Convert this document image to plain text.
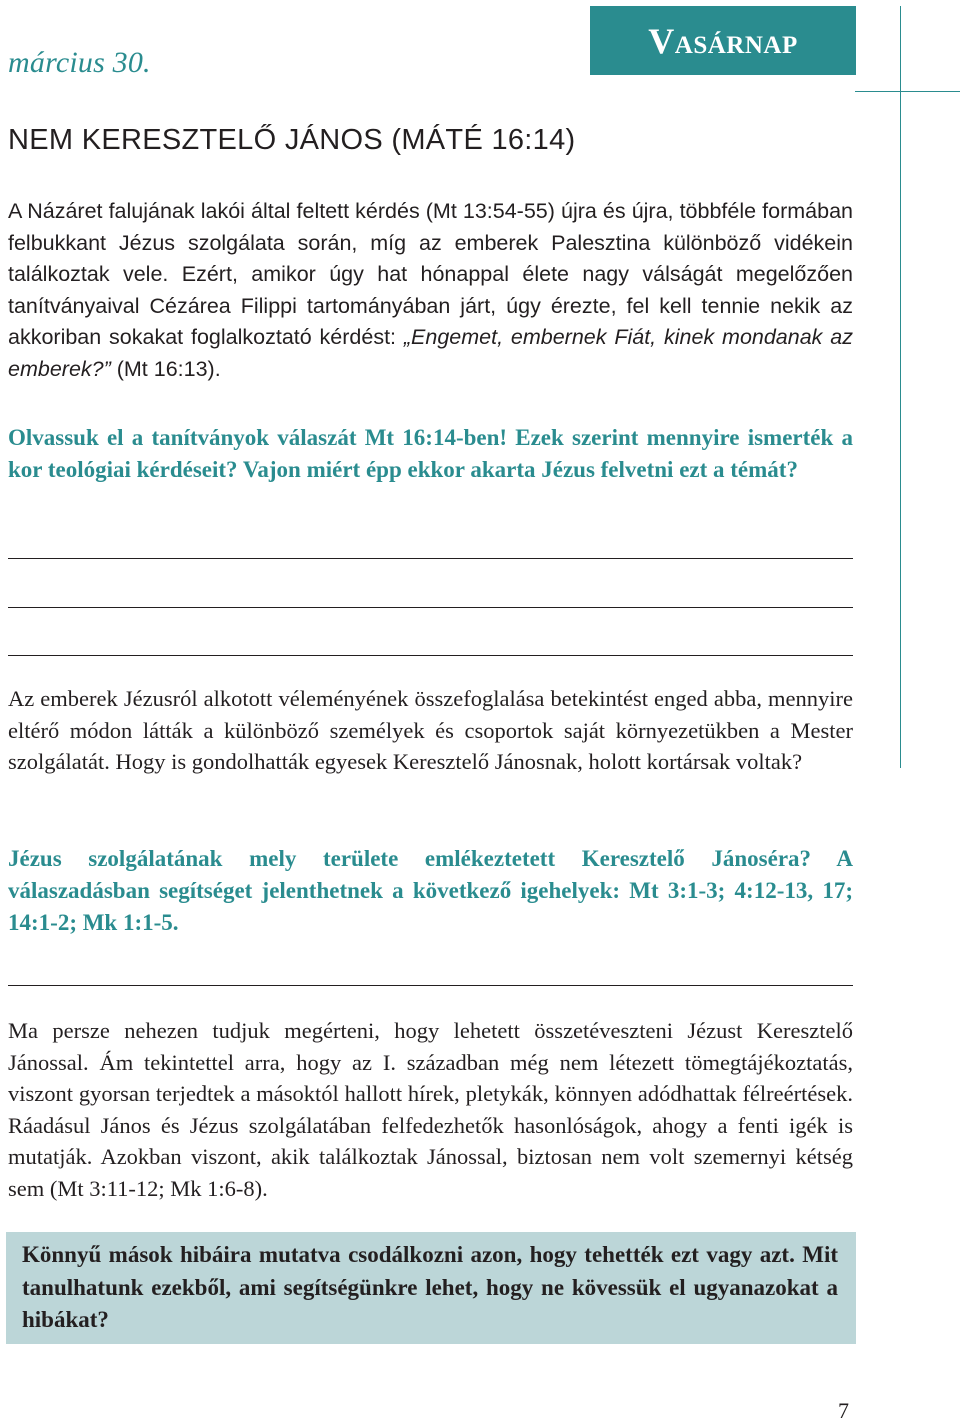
március 30.
Vasárnap
NEM KERESZTELŐ JÁNOS (MÁTÉ 16:14)

A Názáret falujának lakói által feltett kérdés (Mt 13:54-55) újra és újra, többféle formában felbukkant Jézus szolgálata során, míg az emberek Palesztina különböző vidékein találkoztak vele. Ezért, amikor úgy hat hónappal élete nagy válságát megelőzően tanítványaival Cézárea Filippi tartományában járt, úgy érezte, fel kell tennie nekik az akkoriban sokakat foglalkoztató kérdést: „Engemet, embernek Fiát, kinek mondanak az emberek?” (Mt 16:13).

Olvassuk el a tanítványok válaszát Mt 16:14-ben! Ezek szerint mennyire ismerték a kor teológiai kérdéseit? Vajon miért épp ekkor akarta Jézus felvetni ezt a témát?

Az emberek Jézusról alkotott véleményének összefoglalása betekintést enged abba, mennyire eltérő módon látták a különböző személyek és csoportok saját környezetükben a Mester szolgálatát. Hogy is gondolhatták egyesek Keresztelő Jánosnak, holott kortársak voltak?

Jézus szolgálatának mely területe emlékeztetett Keresztelő Jánoséra? A válaszadásban segítséget jelenthetnek a következő igehelyek: Mt 3:1-3; 4:12-13, 17; 14:1-2; Mk 1:1-5.

Ma persze nehezen tudjuk megérteni, hogy lehetett összetéveszteni Jézust Keresztelő Jánossal. Ám tekintettel arra, hogy az I. században még nem létezett tömegtájékoztatás, viszont gyorsan terjedtek a másoktól hallott hírek, pletykák, könnyen adódhattak félreértések. Ráadásul János és Jézus szolgálatában felfedezhetők hasonlóságok, ahogy a fenti igék is mutatják. Azokban viszont, akik találkoztak Jánossal, biztosan nem volt szemernyi kétség sem (Mt 3:11-12; Mk 1:6-8).

Könnyű mások hibáira mutatva csodálkozni azon, hogy tehették ezt vagy azt. Mit tanulhatunk ezekből, ami segítségünkre lehet, hogy ne kövessük el ugyanazokat a hibákat?

7
